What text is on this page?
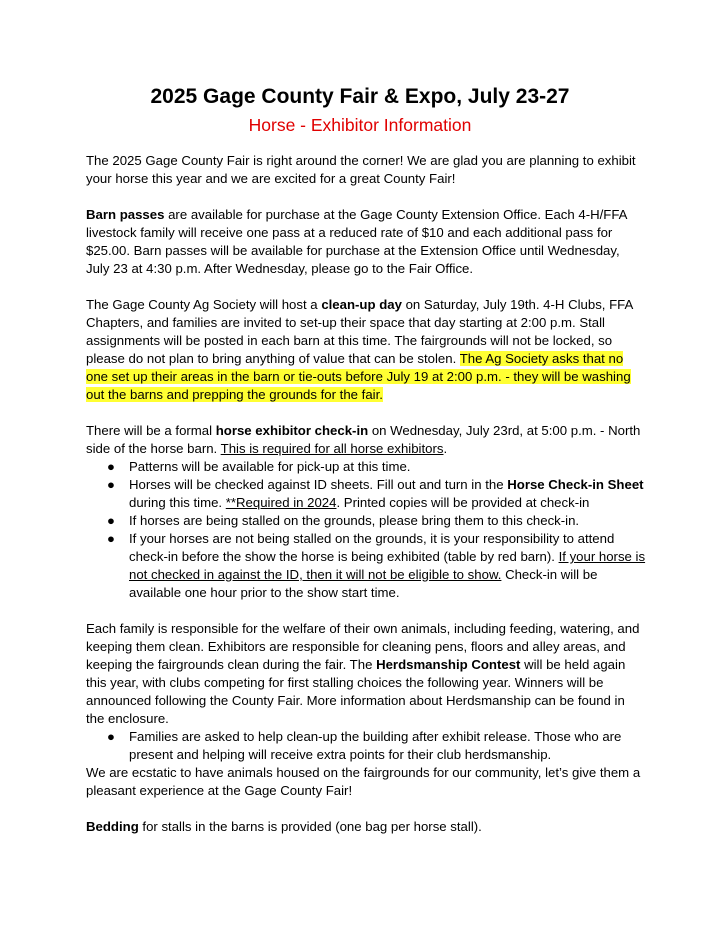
2025 Gage County Fair & Expo, July 23-27
Horse - Exhibitor Information

The 2025 Gage County Fair is right around the corner! We are glad you are planning to exhibit your horse this year and we are excited for a great County Fair!

Barn passes are available for purchase at the Gage County Extension Office. Each 4-H/FFA livestock family will receive one pass at a reduced rate of $10 and each additional pass for $25.00. Barn passes will be available for purchase at the Extension Office until Wednesday, July 23 at 4:30 p.m. After Wednesday, please go to the Fair Office.

The Gage County Ag Society will host a clean-up day on Saturday, July 19th. 4-H Clubs, FFA Chapters, and families are invited to set-up their space that day starting at 2:00 p.m. Stall assignments will be posted in each barn at this time. The fairgrounds will not be locked, so please do not plan to bring anything of value that can be stolen. The Ag Society asks that no one set up their areas in the barn or tie-outs before July 19 at 2:00 p.m. - they will be washing out the barns and prepping the grounds for the fair.

There will be a formal horse exhibitor check-in on Wednesday, July 23rd, at 5:00 p.m. - North side of the horse barn. This is required for all horse exhibitors.

● Patterns will be available for pick-up at this time.
● Horses will be checked against ID sheets. Fill out and turn in the Horse Check-in Sheet during this time. **Required in 2024. Printed copies will be provided at check-in
● If horses are being stalled on the grounds, please bring them to this check-in.
● If your horses are not being stalled on the grounds, it is your responsibility to attend check-in before the show the horse is being exhibited (table by red barn). If your horse is not checked in against the ID, then it will not be eligible to show. Check-in will be available one hour prior to the show start time.

Each family is responsible for the welfare of their own animals, including feeding, watering, and keeping them clean. Exhibitors are responsible for cleaning pens, floors and alley areas, and keeping the fairgrounds clean during the fair. The Herdsmanship Contest will be held again this year, with clubs competing for first stalling choices the following year. Winners will be announced following the County Fair. More information about Herdsmanship can be found in the enclosure.

● Families are asked to help clean-up the building after exhibit release. Those who are present and helping will receive extra points for their club herdsmanship.

We are ecstatic to have animals housed on the fairgrounds for our community, let’s give them a pleasant experience at the Gage County Fair!

Bedding for stalls in the barns is provided (one bag per horse stall).
